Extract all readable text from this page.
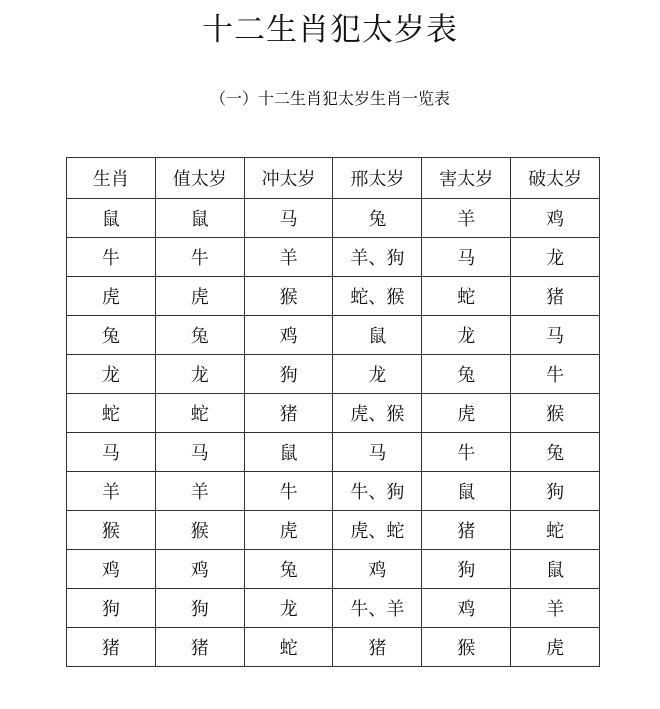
十二生肖犯太岁表
（一）十二生肖犯太岁生肖一览表
生肖	值太岁	冲太岁	邢太岁	害太岁	破太岁
鼠	鼠	马	兔	羊	鸡
牛	牛	羊	羊、狗	马	龙
虎	虎	猴	蛇、猴	蛇	猪
兔	兔	鸡	鼠	龙	马
龙	龙	狗	龙	兔	牛
蛇	蛇	猪	虎、猴	虎	猴
马	马	鼠	马	牛	兔
羊	羊	牛	牛、狗	鼠	狗
猴	猴	虎	虎、蛇	猪	蛇
鸡	鸡	兔	鸡	狗	鼠
狗	狗	龙	牛、羊	鸡	羊
猪	猪	蛇	猪	猴	虎
